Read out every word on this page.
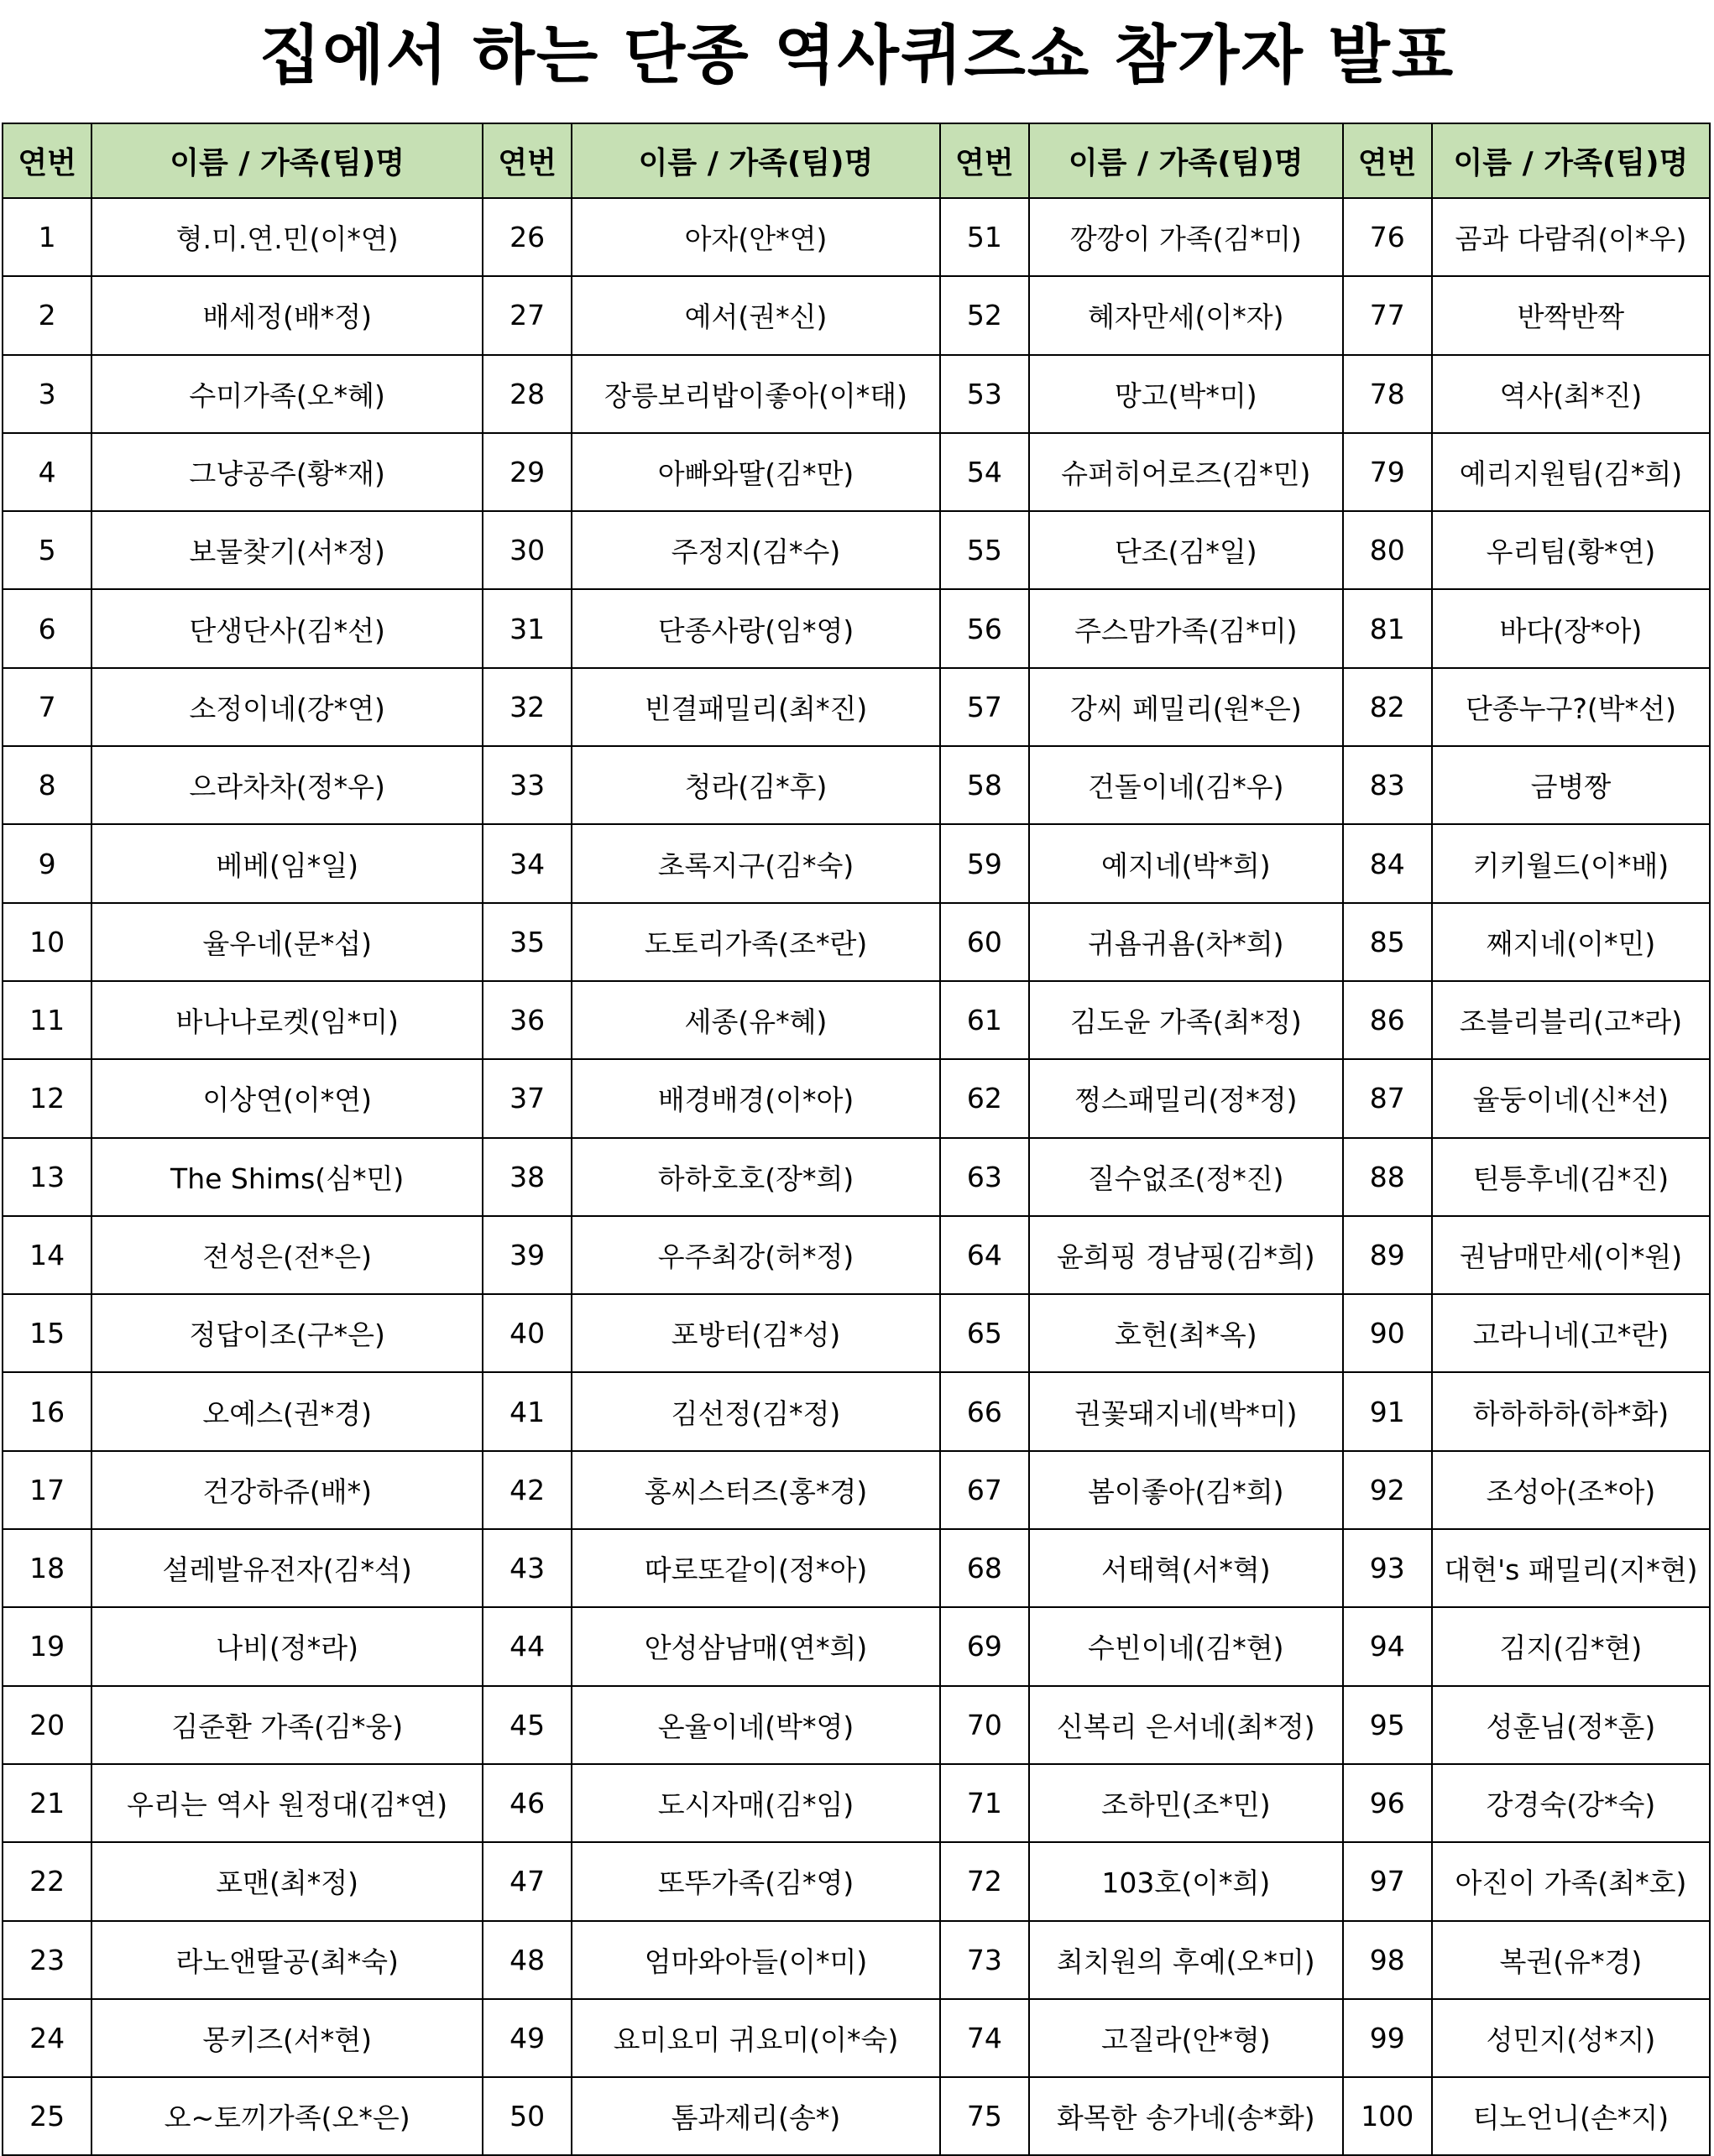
집에서 하는 단종 역사퀴즈쇼 참가자 발표
연번	이름 / 가족(팀)명	연번	이름 / 가족(팀)명	연번	이름 / 가족(팀)명	연번	이름 / 가족(팀)명
1	형.미.연.민(이*연)	26	아자(안*연)	51	깡깡이 가족(김*미)	76	곰과 다람쥐(이*우)
2	배세정(배*정)	27	예서(권*신)	52	혜자만세(이*자)	77	반짝반짝
3	수미가족(오*혜)	28	장릉보리밥이좋아(이*태)	53	망고(박*미)	78	역사(최*진)
4	그냥공주(황*재)	29	아빠와딸(김*만)	54	슈퍼히어로즈(김*민)	79	예리지원팀(김*희)
5	보물찾기(서*정)	30	주정지(김*수)	55	단조(김*일)	80	우리팀(황*연)
6	단생단사(김*선)	31	단종사랑(임*영)	56	주스맘가족(김*미)	81	바다(장*아)
7	소정이네(강*연)	32	빈결패밀리(최*진)	57	강씨 페밀리(원*은)	82	단종누구?(박*선)
8	으라차차(정*우)	33	청라(김*후)	58	건돌이네(김*우)	83	금병짱
9	베베(임*일)	34	초록지구(김*숙)	59	예지네(박*희)	84	키키월드(이*배)
10	율우네(문*섭)	35	도토리가족(조*란)	60	귀욤귀욤(차*희)	85	째지네(이*민)
11	바나나로켓(임*미)	36	세종(유*혜)	61	김도윤 가족(최*정)	86	조블리블리(고*라)
12	이상연(이*연)	37	배경배경(이*아)	62	쩡스패밀리(정*정)	87	율둥이네(신*선)
13	The Shims(심*민)	38	하하호호(장*희)	63	질수없조(정*진)	88	틴틍후네(김*진)
14	전성은(전*은)	39	우주최강(허*정)	64	윤희핑 경남핑(김*희)	89	권남매만세(이*원)
15	정답이조(구*은)	40	포방터(김*성)	65	호헌(최*옥)	90	고라니네(고*란)
16	오예스(권*경)	41	김선정(김*정)	66	권꽃돼지네(박*미)	91	하하하하(하*화)
17	건강하쥬(배*)	42	홍씨스터즈(홍*경)	67	봄이좋아(김*희)	92	조성아(조*아)
18	설레발유전자(김*석)	43	따로또같이(정*아)	68	서태혁(서*혁)	93	대현's 패밀리(지*현)
19	나비(정*라)	44	안성삼남매(연*희)	69	수빈이네(김*현)	94	김지(김*현)
20	김준환 가족(김*웅)	45	온율이네(박*영)	70	신복리 은서네(최*정)	95	성훈님(정*훈)
21	우리는 역사 원정대(김*연)	46	도시자매(김*임)	71	조하민(조*민)	96	강경숙(강*숙)
22	포맨(최*정)	47	또뚜가족(김*영)	72	103호(이*희)	97	아진이 가족(최*호)
23	라노앤딸공(최*숙)	48	엄마와아들(이*미)	73	최치원의 후예(오*미)	98	복권(유*경)
24	몽키즈(서*현)	49	요미요미 귀요미(이*숙)	74	고질라(안*형)	99	성민지(성*지)
25	오~토끼가족(오*은)	50	톰과제리(송*)	75	화목한 송가네(송*화)	100	티노언니(손*지)
